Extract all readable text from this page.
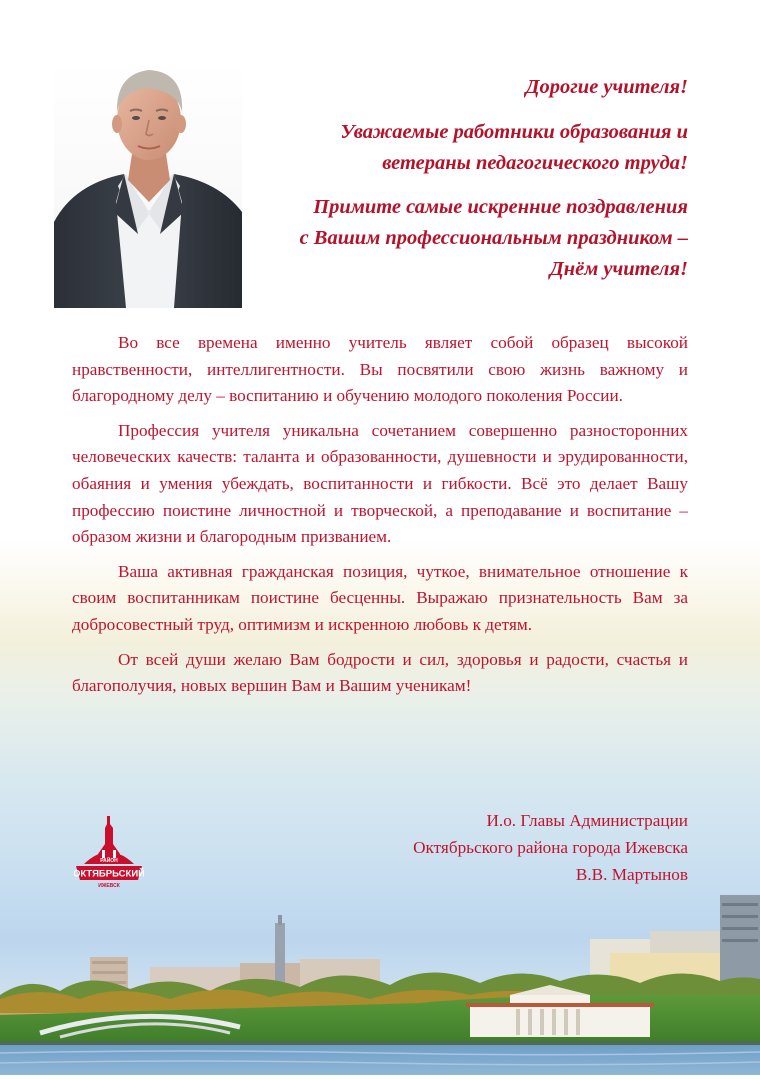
Дорогие учителя!

Уважаемые работники образования и

ветераны педагогического труда!

Примите самые искренние поздравления

с Вашим профессиональным праздником –

Днём учителя!

Во все времена именно учитель являет собой образец высокой нравственности, интеллигентности. Вы посвятили свою жизнь важному и благородному делу – воспитанию и обучению молодого поколения России.

Профессия учителя уникальна сочетанием совершенно разносторонних человеческих качеств: таланта и образованности, душевности и эрудированности, обаяния и умения убеждать, воспитанности и гибкости. Всё это делает Вашу профессию поистине личностной и творческой, а преподавание и воспитание – образом жизни и благородным призванием.

Ваша активная гражданская позиция, чуткое, внимательное отношение к своим воспитанникам поистине бесценны. Выражаю признательность Вам за добросовестный труд, оптимизм и искренною любовь к детям.

От всей души желаю Вам бодрости и сил, здоровья и радости, счастья и благополучия, новых вершин Вам и Вашим ученикам!

РАЙОН
ОКТЯБРЬСКИЙ
ИЖЕВСК
И.о. Главы Администрации
Октябрьского района города Ижевска
В.В. Мартынов
